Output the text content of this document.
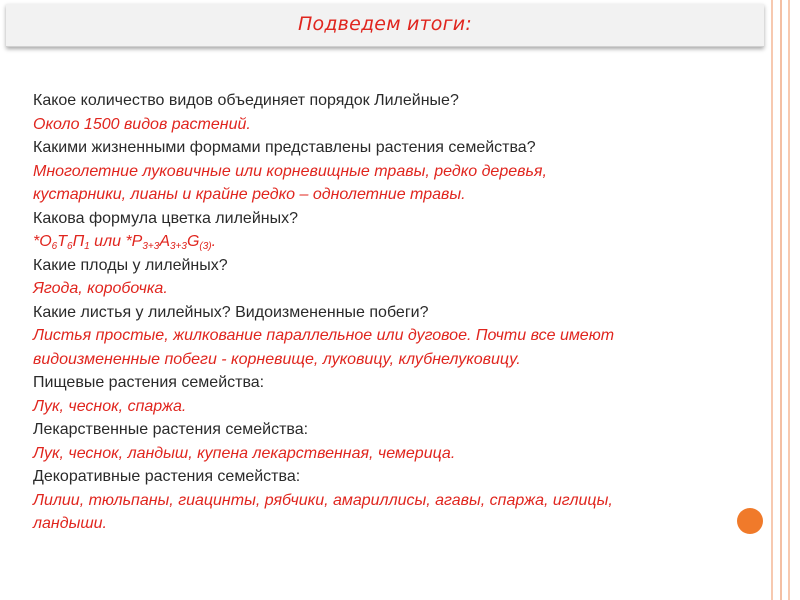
Подведем итоги:
Какое количество видов объединяет порядок Лилейные?
Около 1500 видов растений.
Какими жизненными формами представлены растения семейства?
Многолетние луковичные или корневищные травы, редко деревья,
кустарники, лианы и крайне редко – однолетние травы.
Какова формула цветка лилейных?
$*О_6Т_6П_1$ или $*Р_{3+3}А_{3+3}G_{(3)}$.
Какие плоды у лилейных?
Ягода, коробочка.
Какие листья у лилейных? Видоизмененные побеги?
Листья простые, жилкование параллельное или дуговое. Почти все имеют
видоизмененные побеги - корневище, луковицу, клубнелуковицу.
Пищевые растения семейства:
Лук, чеснок, спаржа.
Лекарственные растения семейства:
Лук, чеснок, ландыш, купена лекарственная, чемерица.
Декоративные растения семейства:
Лилии, тюльпаны, гиацинты, рябчики, амариллисы, агавы, спаржа, иглицы,
ландыши.
